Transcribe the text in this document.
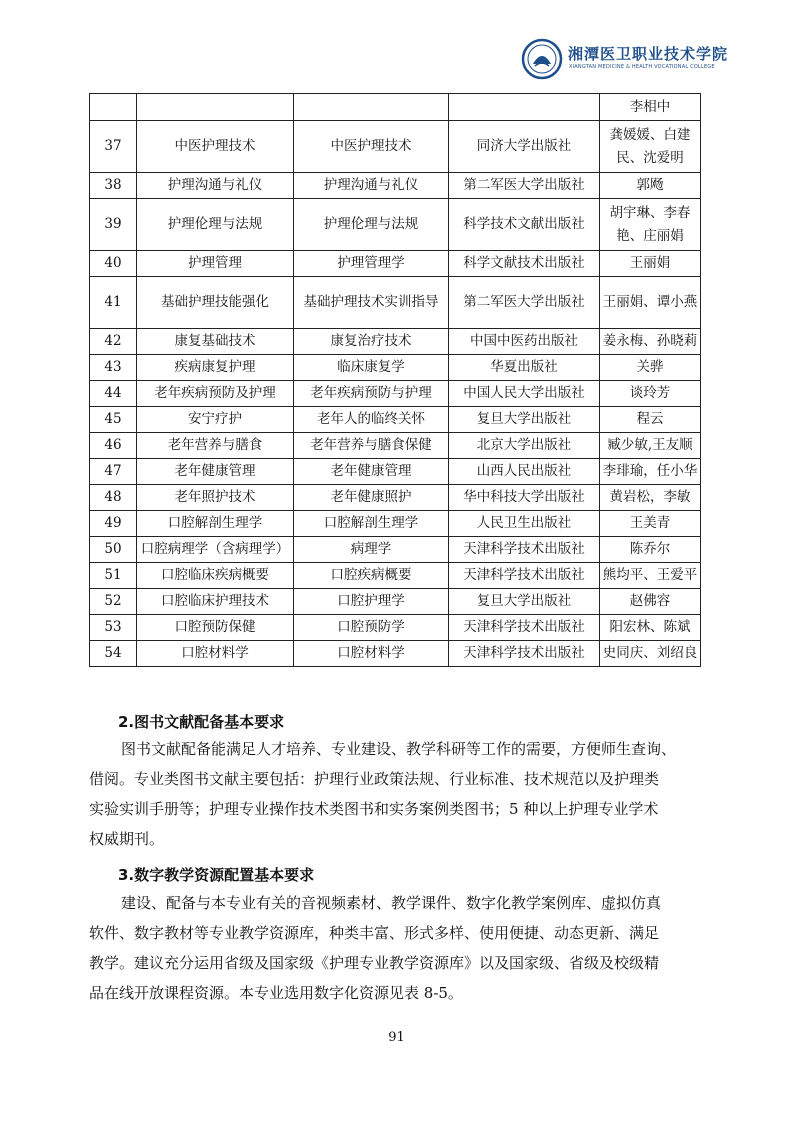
湘潭医卫职业技术学院
XIANGTAN MEDICINE & HEALTH VOCATIONAL COLLEGE
				李相中
37	中医护理技术	中医护理技术	同济大学出版社	龚媛媛、白建民、沈爱明
38	护理沟通与礼仪	护理沟通与礼仪	第二军医大学出版社	郭飏
39	护理伦理与法规	护理伦理与法规	科学技术文献出版社	胡宇琳、李春艳、庄丽娟
40	护理管理	护理管理学	科学文献技术出版社	王丽娟
41	基础护理技能强化	基础护理技术实训指导	第二军医大学出版社	王丽娟、谭小燕
42	康复基础技术	康复治疗技术	中国中医药出版社	姜永梅、孙晓莉
43	疾病康复护理	临床康复学	华夏出版社	关骅
44	老年疾病预防及护理	老年疾病预防与护理	中国人民大学出版社	谈玲芳
45	安宁疗护	老年人的临终关怀	复旦大学出版社	程云
46	老年营养与膳食	老年营养与膳食保健	北京大学出版社	臧少敏,王友顺
47	老年健康管理	老年健康管理	山西人民出版社	李琲瑜，任小华
48	老年照护技术	老年健康照护	华中科技大学出版社	黄岩松，李敏
49	口腔解剖生理学	口腔解剖生理学	人民卫生出版社	王美青
50	口腔病理学（含病理学）	病理学	天津科学技术出版社	陈乔尔
51	口腔临床疾病概要	口腔疾病概要	天津科学技术出版社	熊均平、王爱平
52	口腔临床护理技术	口腔护理学	复旦大学出版社	赵佛容
53	口腔预防保健	口腔预防学	天津科学技术出版社	阳宏林、陈斌
54	口腔材料学	口腔材料学	天津科学技术出版社	史同庆、刘绍良
2.图书文献配备基本要求
图书文献配备能满足人才培养、专业建设、教学科研等工作的需要，方便师生查询、
借阅。专业类图书文献主要包括：护理行业政策法规、行业标准、技术规范以及护理类
实验实训手册等；护理专业操作技术类图书和实务案例类图书；5 种以上护理专业学术
权威期刊。
3.数字教学资源配置基本要求
建设、配备与本专业有关的音视频素材、教学课件、数字化教学案例库、虚拟仿真
软件、数字教材等专业教学资源库，种类丰富、形式多样、使用便捷、动态更新、满足
教学。建议充分运用省级及国家级《护理专业教学资源库》以及国家级、省级及校级精
品在线开放课程资源。本专业选用数字化资源见表 8-5。
91
